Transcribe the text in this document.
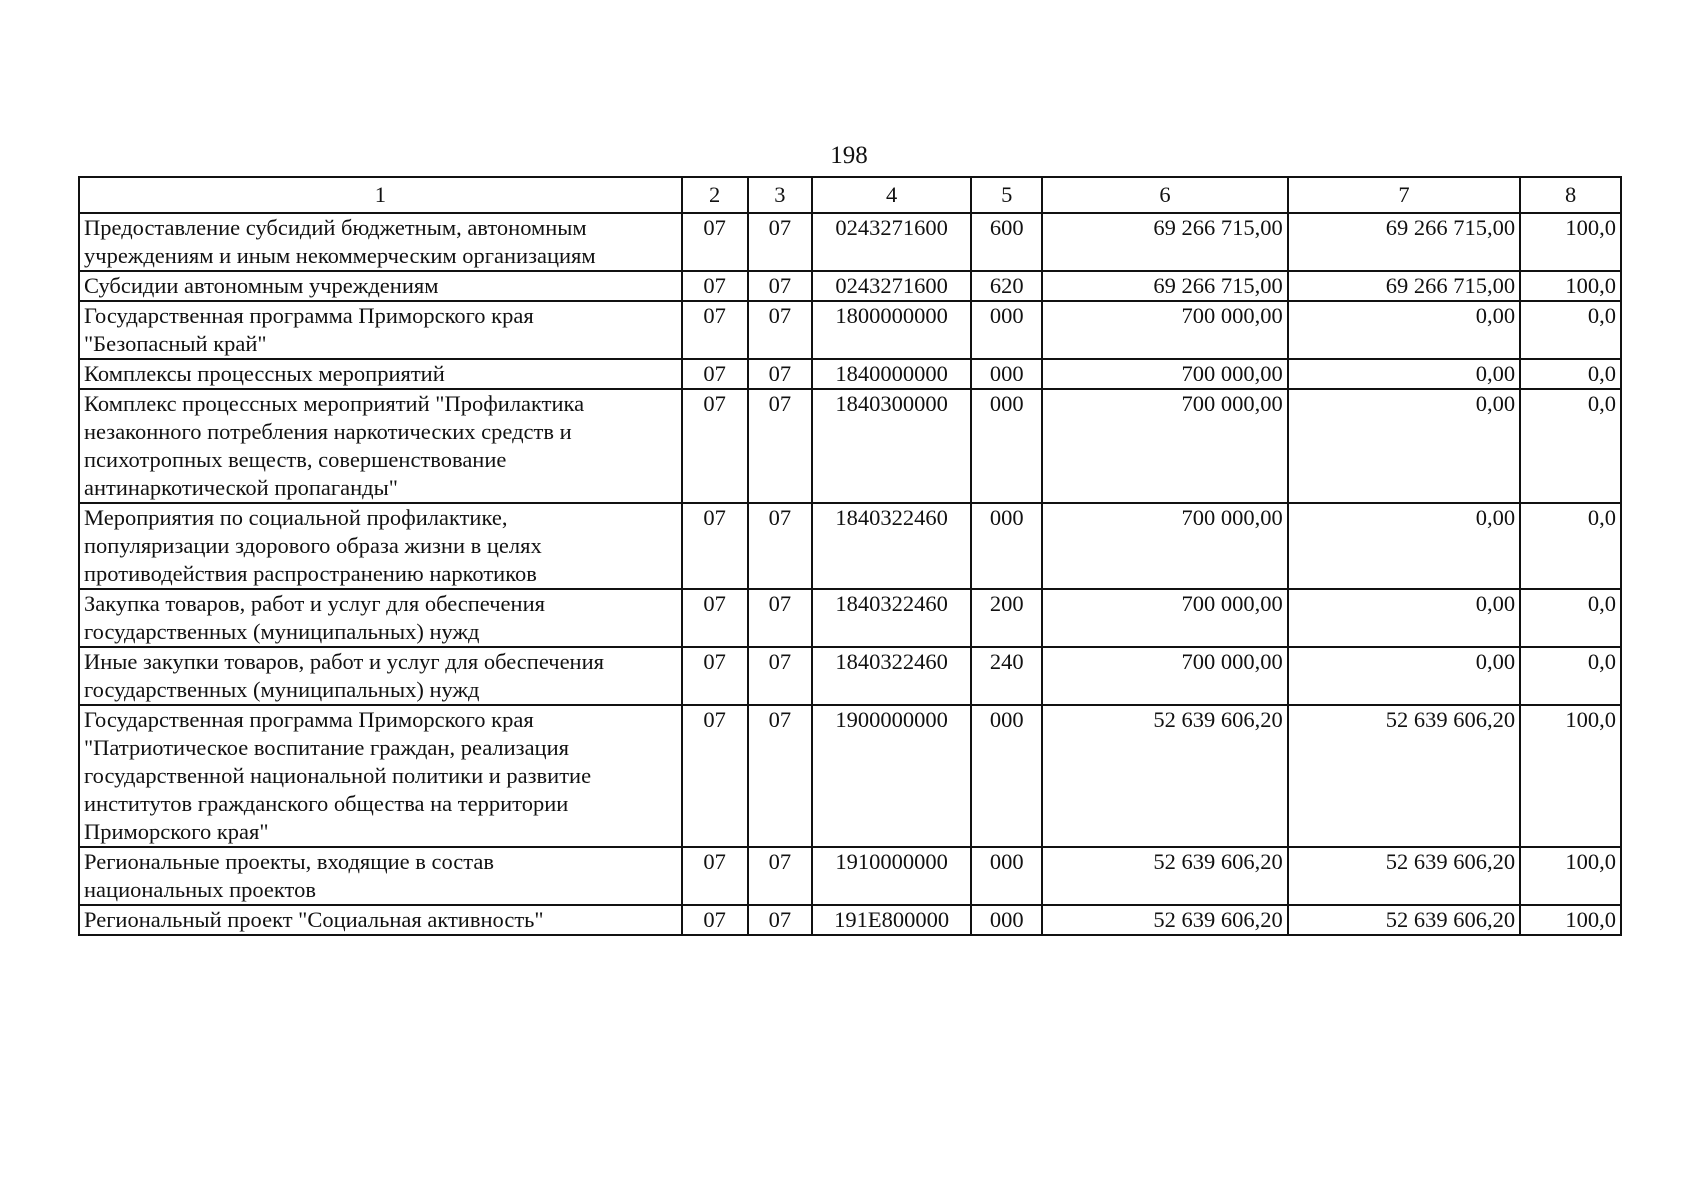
198
1	2	3	4	5	6	7	8

Предоставление субсидий бюджетным, автономным
учреждениям и иным некоммерческим организациям	07	07	0243271600	600	69 266 715,00	69 266 715,00	100,0

Субсидии автономным учреждениям	07	07	0243271600	620	69 266 715,00	69 266 715,00	100,0

Государственная программа Приморского края
"Безопасный край"	07	07	1800000000	000	700 000,00	0,00	0,0

Комплексы процессных мероприятий	07	07	1840000000	000	700 000,00	0,00	0,0

Комплекс процессных мероприятий "Профилактика
незаконного потребления наркотических средств и
психотропных веществ, совершенствование
антинаркотической пропаганды"	07	07	1840300000	000	700 000,00	0,00	0,0

Мероприятия по социальной профилактике,
популяризации здорового образа жизни в целях
противодействия распространению наркотиков	07	07	1840322460	000	700 000,00	0,00	0,0

Закупка товаров, работ и услуг для обеспечения
государственных (муниципальных) нужд	07	07	1840322460	200	700 000,00	0,00	0,0

Иные закупки товаров, работ и услуг для обеспечения
государственных (муниципальных) нужд	07	07	1840322460	240	700 000,00	0,00	0,0

Государственная программа Приморского края
"Патриотическое воспитание граждан, реализация
государственной национальной политики и развитие
институтов гражданского общества на территории
Приморского края"	07	07	1900000000	000	52 639 606,20	52 639 606,20	100,0

Региональные проекты, входящие в состав
национальных проектов	07	07	1910000000	000	52 639 606,20	52 639 606,20	100,0

Региональный проект "Социальная активность"	07	07	191E800000	000	52 639 606,20	52 639 606,20	100,0
